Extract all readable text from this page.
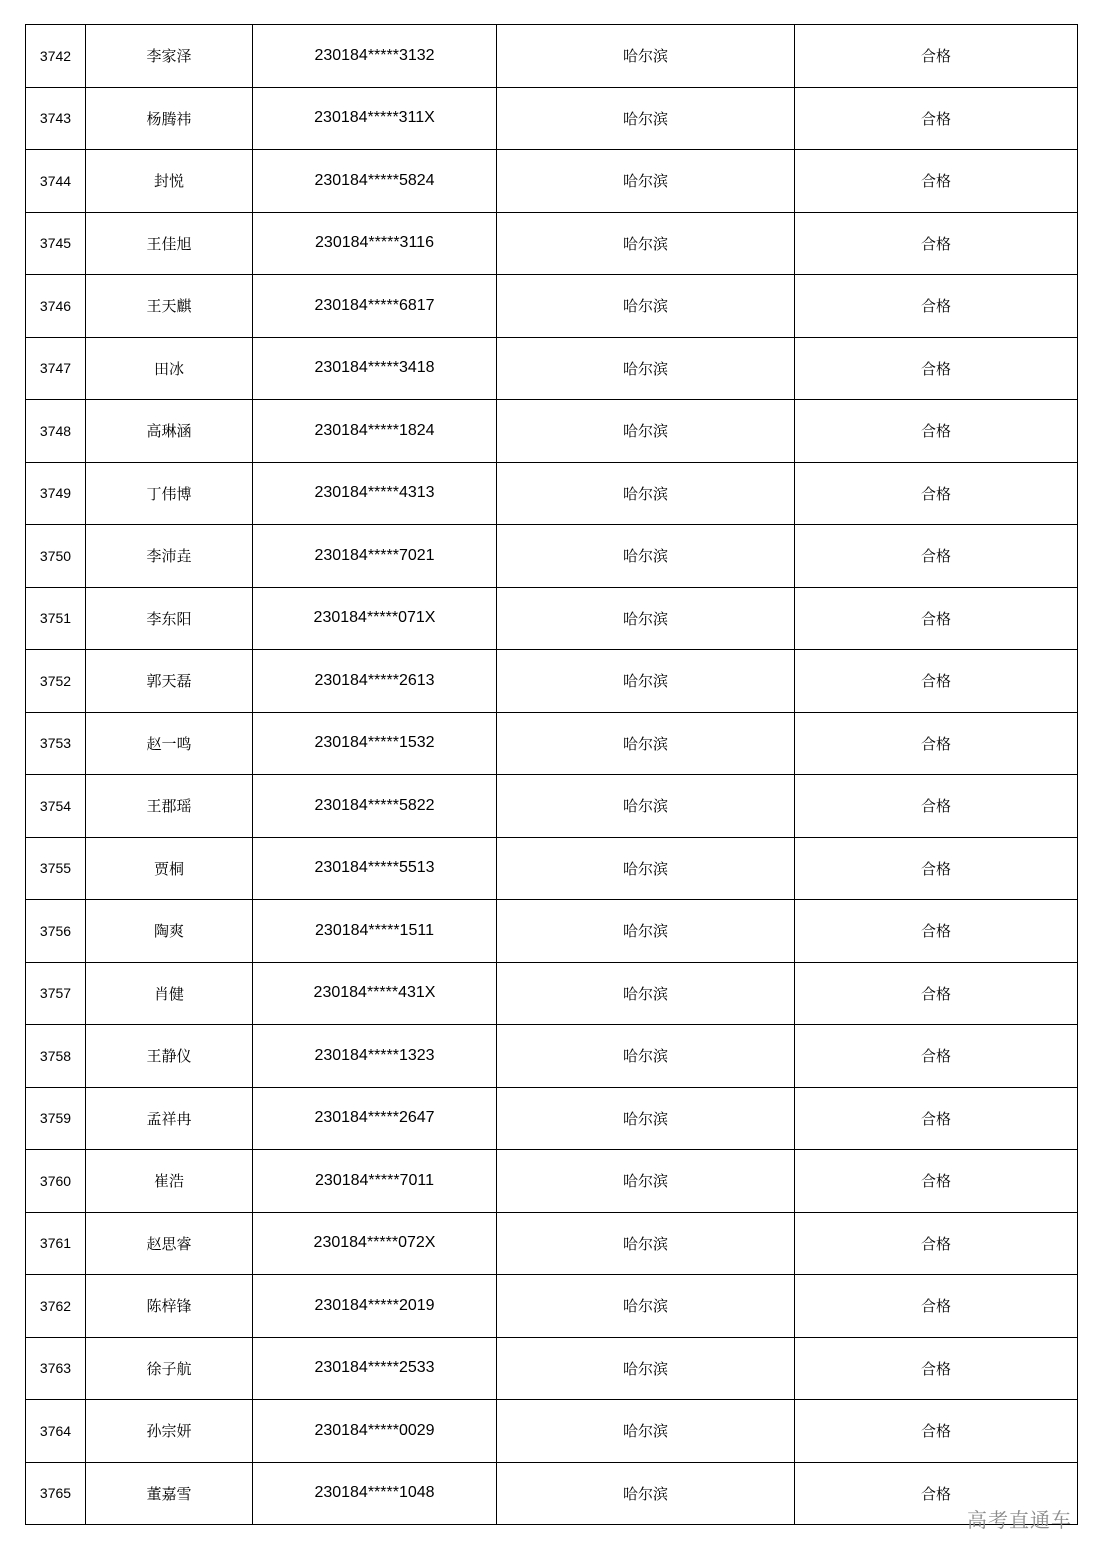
3742	李家泽	230184*****3132	哈尔滨	合格
3743	杨腾祎	230184*****311X	哈尔滨	合格
3744	封悦	230184*****5824	哈尔滨	合格
3745	王佳旭	230184*****3116	哈尔滨	合格
3746	王天麒	230184*****6817	哈尔滨	合格
3747	田冰	230184*****3418	哈尔滨	合格
3748	高琳涵	230184*****1824	哈尔滨	合格
3749	丁伟博	230184*****4313	哈尔滨	合格
3750	李沛垚	230184*****7021	哈尔滨	合格
3751	李东阳	230184*****071X	哈尔滨	合格
3752	郭天磊	230184*****2613	哈尔滨	合格
3753	赵一鸣	230184*****1532	哈尔滨	合格
3754	王郡瑶	230184*****5822	哈尔滨	合格
3755	贾桐	230184*****5513	哈尔滨	合格
3756	陶爽	230184*****1511	哈尔滨	合格
3757	肖健	230184*****431X	哈尔滨	合格
3758	王静仪	230184*****1323	哈尔滨	合格
3759	孟祥冉	230184*****2647	哈尔滨	合格
3760	崔浩	230184*****7011	哈尔滨	合格
3761	赵思睿	230184*****072X	哈尔滨	合格
3762	陈梓锋	230184*****2019	哈尔滨	合格
3763	徐子航	230184*****2533	哈尔滨	合格
3764	孙宗妍	230184*****0029	哈尔滨	合格
3765	董嘉雪	230184*****1048	哈尔滨	合格
高考直通车
